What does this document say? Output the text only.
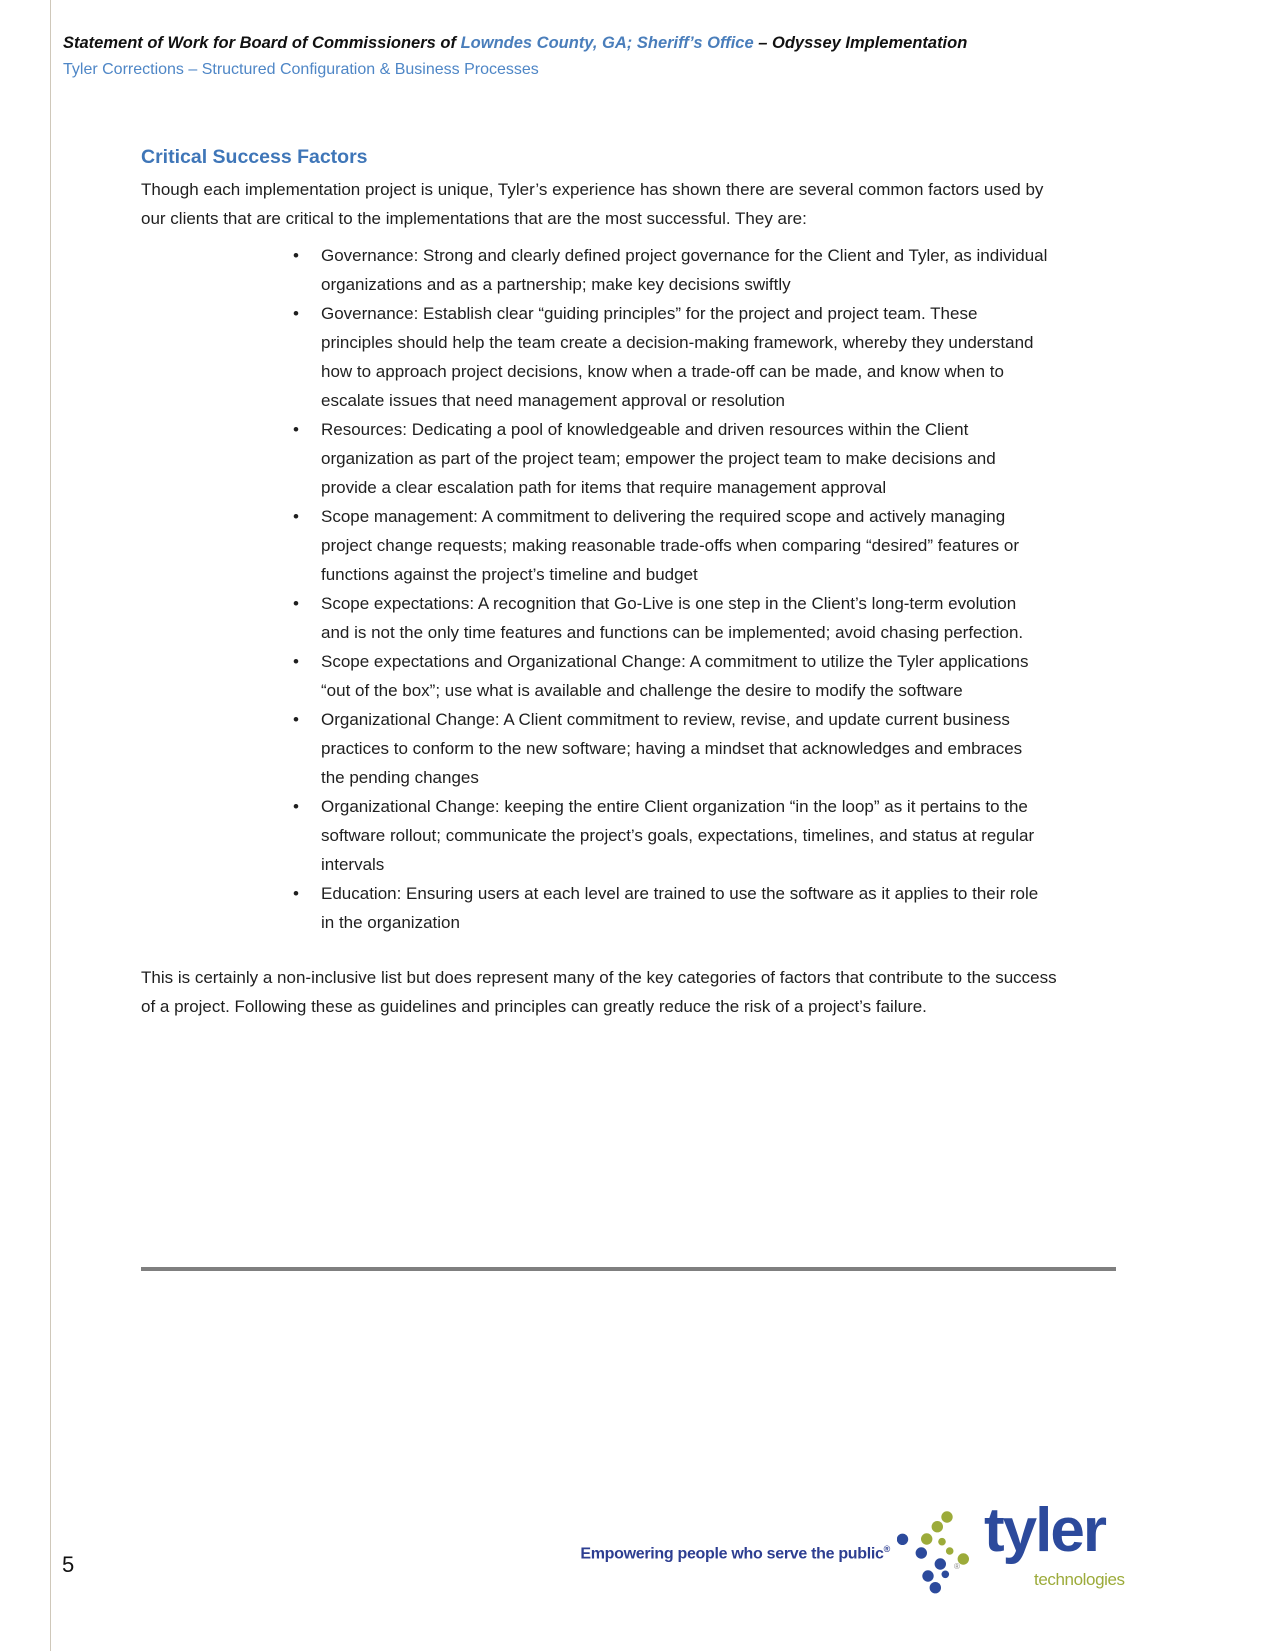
Statement of Work for Board of Commissioners of Lowndes County, GA; Sheriff’s Office – Odyssey Implementation

Tyler Corrections – Structured Configuration & Business Processes

Critical Success Factors

Though each implementation project is unique, Tyler’s experience has shown there are several common factors used by our clients that are critical to the implementations that are the most successful. They are:

• Governance: Strong and clearly defined project governance for the Client and Tyler, as individual organizations and as a partnership; make key decisions swiftly
• Governance: Establish clear “guiding principles” for the project and project team. These principles should help the team create a decision-making framework, whereby they understand how to approach project decisions, know when a trade-off can be made, and know when to escalate issues that need management approval or resolution
• Resources: Dedicating a pool of knowledgeable and driven resources within the Client organization as part of the project team; empower the project team to make decisions and provide a clear escalation path for items that require management approval
• Scope management: A commitment to delivering the required scope and actively managing project change requests; making reasonable trade-offs when comparing “desired” features or functions against the project’s timeline and budget
• Scope expectations: A recognition that Go-Live is one step in the Client’s long-term evolution and is not the only time features and functions can be implemented; avoid chasing perfection.
• Scope expectations and Organizational Change: A commitment to utilize the Tyler applications “out of the box”; use what is available and challenge the desire to modify the software
• Organizational Change: A Client commitment to review, revise, and update current business practices to conform to the new software; having a mindset that acknowledges and embraces the pending changes
• Organizational Change: keeping the entire Client organization “in the loop” as it pertains to the software rollout; communicate the project’s goals, expectations, timelines, and status at regular intervals
• Education: Ensuring users at each level are trained to use the software as it applies to their role in the organization

This is certainly a non-inclusive list but does represent many of the key categories of factors that contribute to the success of a project. Following these as guidelines and principles can greatly reduce the risk of a project’s failure.

5	Empowering people who serve the public®
®
tyler
technologies
